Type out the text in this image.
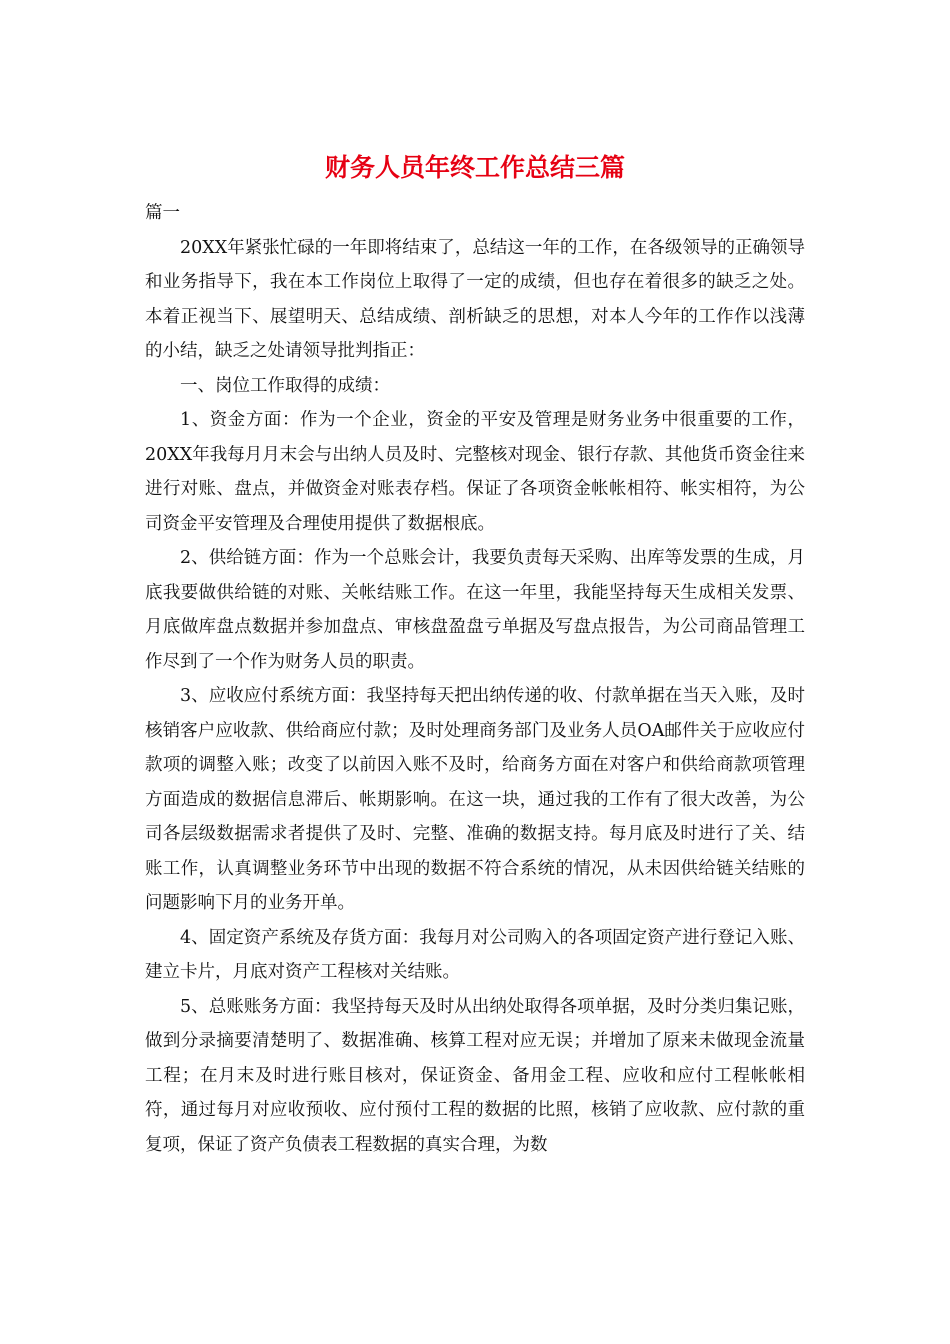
财务人员年终工作总结三篇

篇一

20XX年紧张忙碌的一年即将结束了，总结这一年的工作，在各级领导的正确领导和业务指导下，我在本工作岗位上取得了一定的成绩，但也存在着很多的缺乏之处。本着正视当下、展望明天、总结成绩、剖析缺乏的思想，对本人今年的工作作以浅薄的小结，缺乏之处请领导批判指正：

一、岗位工作取得的成绩：

1、资金方面：作为一个企业，资金的平安及管理是财务业务中很重要的工作，20XX年我每月月末会与出纳人员及时、完整核对现金、银行存款、其他货币资金往来进行对账、盘点，并做资金对账表存档。保证了各项资金帐帐相符、帐实相符，为公司资金平安管理及合理使用提供了数据根底。

2、供给链方面：作为一个总账会计，我要负责每天采购、出库等发票的生成，月底我要做供给链的对账、关帐结账工作。在这一年里，我能坚持每天生成相关发票、月底做库盘点数据并参加盘点、审核盘盈盘亏单据及写盘点报告，为公司商品管理工作尽到了一个作为财务人员的职责。

3、应收应付系统方面：我坚持每天把出纳传递的收、付款单据在当天入账，及时核销客户应收款、供给商应付款；及时处理商务部门及业务人员OA邮件关于应收应付款项的调整入账；改变了以前因入账不及时，给商务方面在对客户和供给商款项管理方面造成的数据信息滞后、帐期影响。在这一块，通过我的工作有了很大改善，为公司各层级数据需求者提供了及时、完整、准确的数据支持。每月底及时进行了关、结账工作，认真调整业务环节中出现的数据不符合系统的情况，从未因供给链关结账的问题影响下月的业务开单。

4、固定资产系统及存货方面：我每月对公司购入的各项固定资产进行登记入账、建立卡片，月底对资产工程核对关结账。

5、总账账务方面：我坚持每天及时从出纳处取得各项单据，及时分类归集记账，做到分录摘要清楚明了、数据准确、核算工程对应无误；并增加了原来未做现金流量工程；在月末及时进行账目核对，保证资金、备用金工程、应收和应付工程帐帐相符，通过每月对应收预收、应付预付工程的数据的比照，核销了应收款、应付款的重复项，保证了资产负债表工程数据的真实合理，为数
